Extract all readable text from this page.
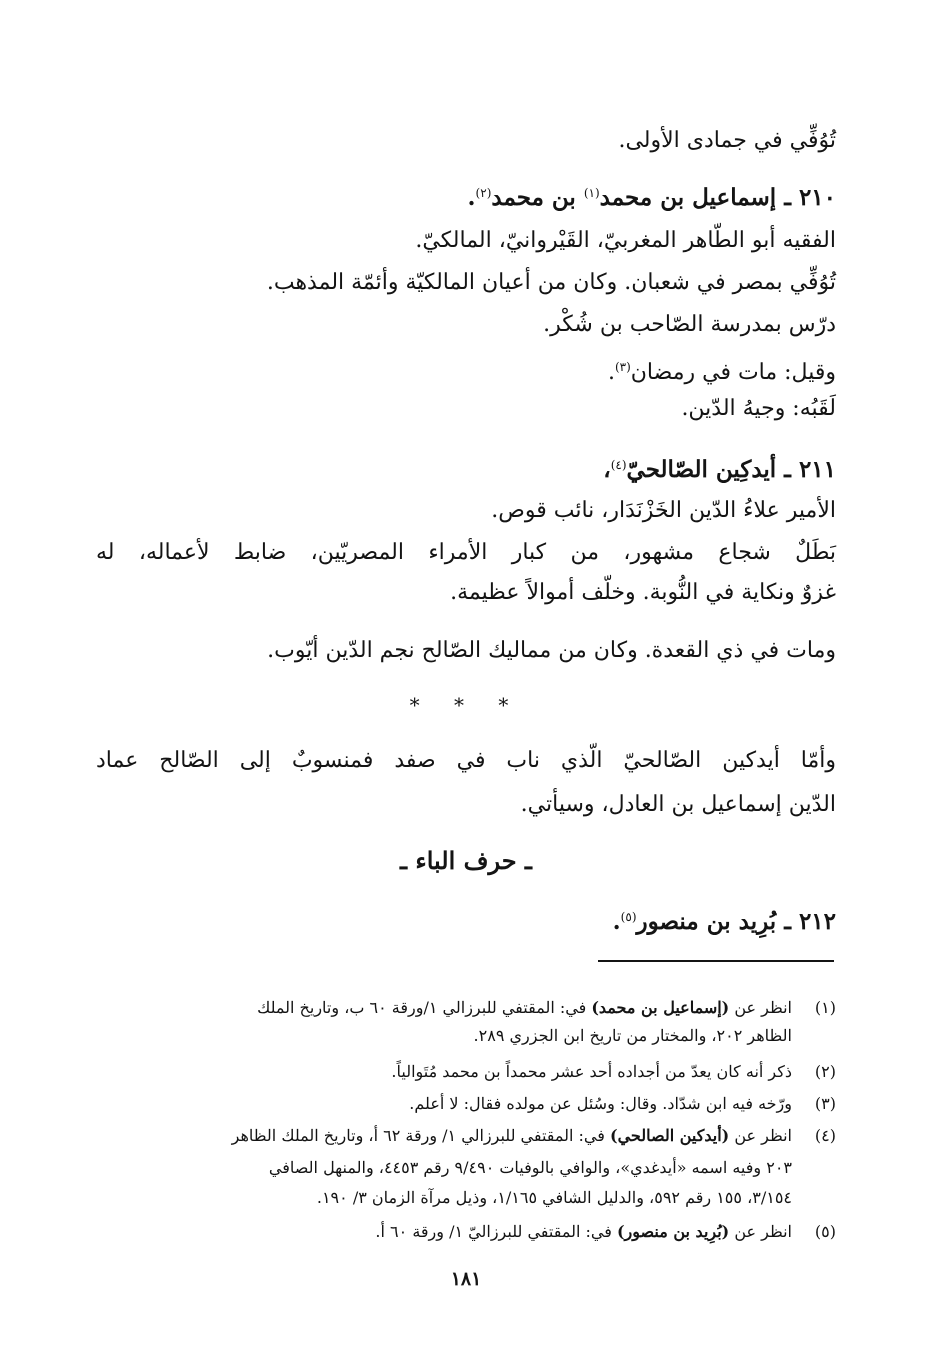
تُوُفِّي في جمادى الأولى.
٢١٠ ـ إسماعيل بن محمد$^{(١)}$ بن محمد$^{(٢)}$.
الفقيه أبو الطّاهر المغربيّ، القَيْروانيّ، المالكيّ.
تُوُفِّي بمصر في شعبان. وكان من أعيان المالكيّة وأئمّة المذهب.
درّس بمدرسة الصّاحب بن شُكْر.
وقيل: مات في رمضان$^{(٣)}$.
لَقَبُه: وجيهُ الدّين.
٢١١ ـ أيدكِين الصّالحيّ$^{(٤)}$،
الأمير علاءُ الدّين الخَزْنَدَار، نائب قوص.
بَطَلٌ شجاع مشهور، من كبار الأمراء المصريّين، ضابط لأعماله، له
غزوٌ ونكاية في النُّوبة. وخلّف أموالاً عظيمة.
ومات في ذي القعدة. وكان من مماليك الصّالح نجم الدّين أيّوب.
* * *
وأمّا أيدكين الصّالحيّ الّذي ناب في صفد فمنسوبٌ إلى الصّالح عماد
الدّين إسماعيل بن العادل، وسيأتي.
ـ حرف الباء ـ
٢١٢ ـ بُرِيد بن منصور$^{(٥)}$.
(١)انظر عن (إسماعيل بن محمد) في: المقتفي للبرزالي ١/ورقة ٦٠ ب، وتاريخ الملك
الظاهر ٢٠٢، والمختار من تاريخ ابن الجزري ٢٨٩.
(٢)ذكر أنه كان يعدّ من أجداده أحد عشر محمداً بن محمد مُتَوالياً.
(٣)ورّخه فيه ابن شدّاد. وقال: وسُئل عن مولده فقال: لا أعلم.
(٤)انظر عن (أيدكين الصالحي) في: المقتفي للبرزالي ١/ ورقة ٦٢ أ، وتاريخ الملك الظاهر
٢٠٣ وفيه اسمه «أيدغدي»، والوافي بالوفيات ٩/٤٩٠ رقم ٤٤٥٣، والمنهل الصافي
٣/١٥٤، ١٥٥ رقم ٥٩٢، والدليل الشافي ١/١٦٥، وذيل مرآة الزمان ٣/ ١٩٠.
(٥)انظر عن (بُرِيد بن منصور) في: المقتفي للبرزاليّ ١/ ورقة ٦٠ أ.
١٨١
